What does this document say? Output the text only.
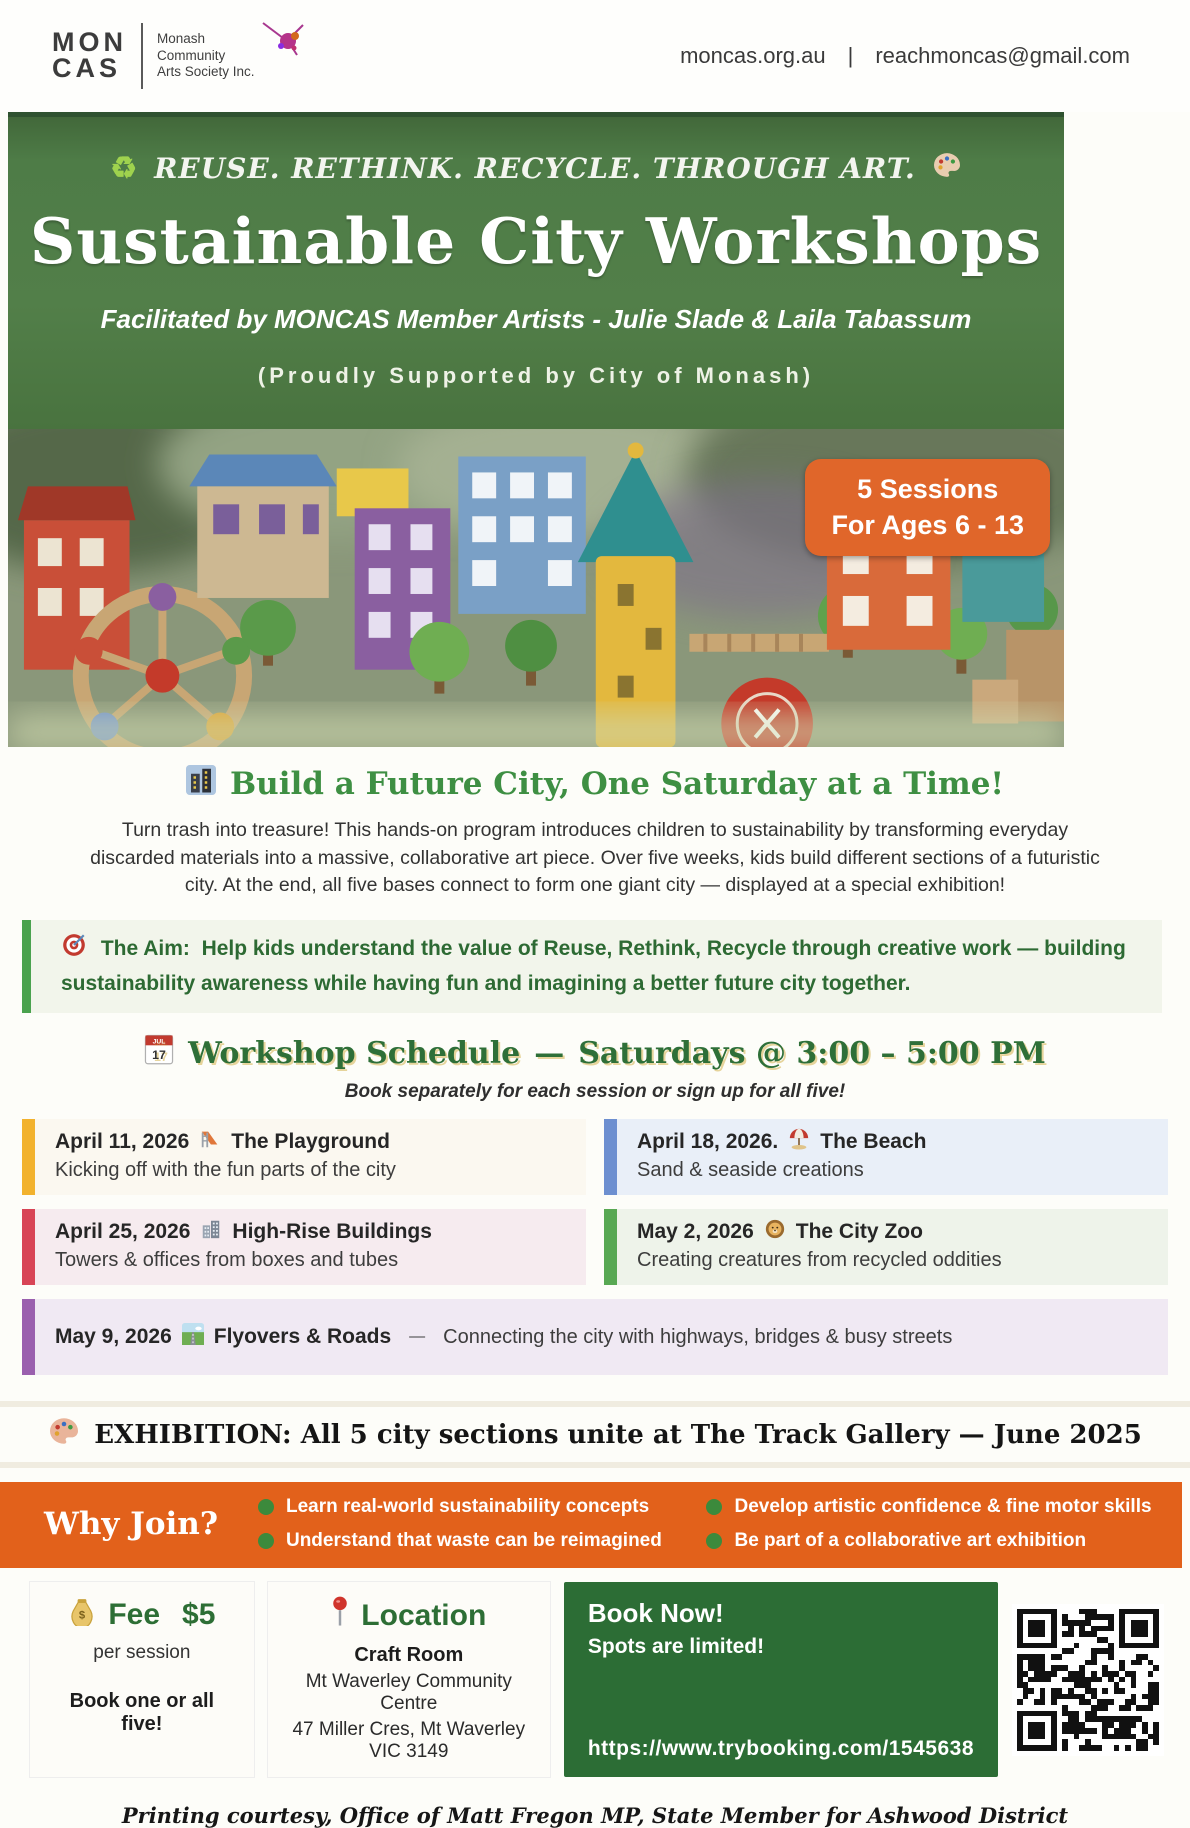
MON
CAS
Monash
Community
Arts Society Inc.
moncas.org.au | reachmoncas@gmail.com
♻ REUSE. RETHINK. RECYCLE. THROUGH ART.
Sustainable City Workshops
Facilitated by MONCAS Member Artists - Julie Slade & Laila Tabassum
(Proudly Supported by City of Monash)
5 Sessions
For Ages 6 - 13
Build a Future City, One Saturday at a Time!

Turn trash into treasure! This hands-on program introduces children to sustainability by transforming everyday discarded materials into a massive, collaborative art piece. Over five weeks, kids build different sections of a futuristic city. At the end, all five bases connect to form one giant city — displayed at a special exhibition!

The Aim: Help kids understand the value of Reuse, Rethink, Recycle through creative work — building sustainability awareness while having fun and imagining a better future city together.
JUL
17 Workshop Schedule — Saturdays @ 3:00 – 5:00 PM
Book separately for each session or sign up for all five!
April 11, 2026 The Playground
Kicking off with the fun parts of the city
April 18, 2026. The Beach
Sand & seaside creations
April 25, 2026 High-Rise Buildings
Towers & offices from boxes and tubes
May 2, 2026 The City Zoo
Creating creatures from recycled oddities
May 9, 2026 Flyovers & Roads — Connecting the city with highways, bridges & busy streets
EXHIBITION: All 5 city sections unite at The Track Gallery — June 2025
Why Join?	Learn real-world sustainability concepts	Develop artistic confidence & fine motor skills
Understand that waste can be reimagined	Be part of a collaborative art exhibition
$ Fee $5
per session
Book one or all five!
Location
Craft Room
Mt Waverley Community Centre
47 Miller Cres, Mt Waverley VIC 3149
Book Now!
Spots are limited!
https://www.trybooking.com/1545638
Printing courtesy, Office of Matt Fregon MP, State Member for Ashwood District
